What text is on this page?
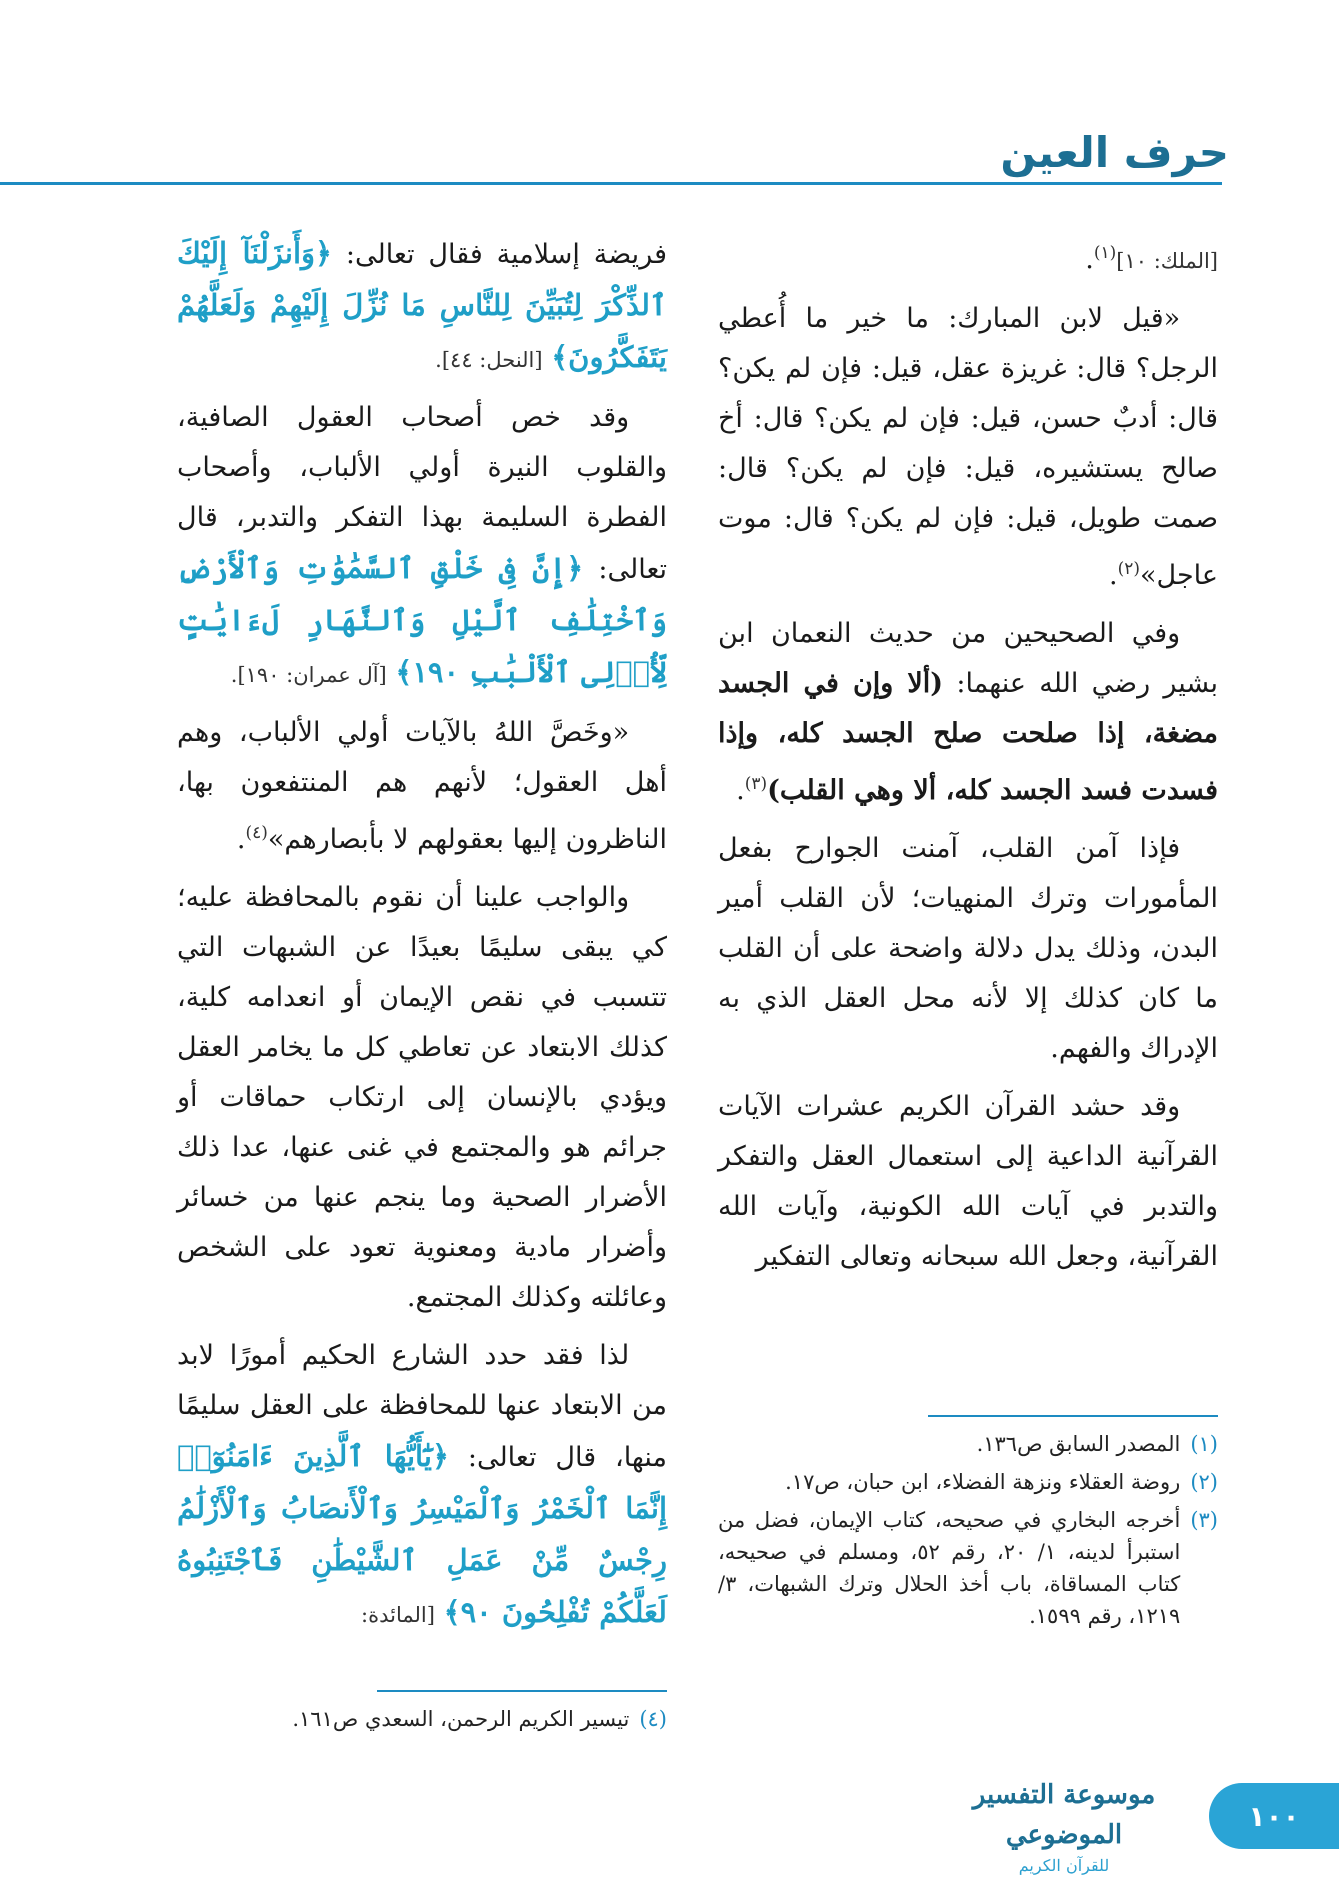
حرف العين

[الملك: ١٠]$^{(١)}$.

«قيل لابن المبارك: ما خير ما أُعطي الرجل؟ قال: غريزة عقل، قيل: فإن لم يكن؟ قال: أدبٌ حسن، قيل: فإن لم يكن؟ قال: أخ صالح يستشيره، قيل: فإن لم يكن؟ قال: صمت طويل، قيل: فإن لم يكن؟ قال: موت عاجل»$^{(٢)}$.

وفي الصحيحين من حديث النعمان ابن بشير رضي الله عنهما: (ألا وإن في الجسد مضغة، إذا صلحت صلح الجسد كله، وإذا فسدت فسد الجسد كله، ألا وهي القلب)$^{(٣)}$.

فإذا آمن القلب، آمنت الجوارح بفعل المأمورات وترك المنهيات؛ لأن القلب أمير البدن، وذلك يدل دلالة واضحة على أن القلب ما كان كذلك إلا لأنه محل العقل الذي به الإدراك والفهم.

وقد حشد القرآن الكريم عشرات الآيات القرآنية الداعية إلى استعمال العقل والتفكر والتدبر في آيات الله الكونية، وآيات الله القرآنية، وجعل الله سبحانه وتعالى التفكير

فريضة إسلامية فقال تعالى: ﴿وَأَنزَلْنَآ إِلَيْكَ ٱلذِّكْرَ لِتُبَيِّنَ لِلنَّاسِ مَا نُزِّلَ إِلَيْهِمْ وَلَعَلَّهُمْ يَتَفَكَّرُونَ﴾ [النحل: ٤٤].

وقد خص أصحاب العقول الصافية، والقلوب النيرة أولي الألباب، وأصحاب الفطرة السليمة بهذا التفكر والتدبر، قال تعالى: ﴿إِنَّ فِى خَلْقِ ٱلسَّمَٰوَٰتِ وَٱلْأَرْضِ وَٱخْتِلَٰفِ ٱلَّيْلِ وَٱلنَّهَارِ لَءَايَٰتٍ لِّأُو۟لِى ٱلْأَلْبَٰبِ ١٩٠﴾ [آل عمران: ١٩٠].

«وخَصَّ اللهُ بالآيات أولي الألباب، وهم أهل العقول؛ لأنهم هم المنتفعون بها، الناظرون إليها بعقولهم لا بأبصارهم»$^{(٤)}$.

والواجب علينا أن نقوم بالمحافظة عليه؛ كي يبقى سليمًا بعيدًا عن الشبهات التي تتسبب في نقص الإيمان أو انعدامه كلية، كذلك الابتعاد عن تعاطي كل ما يخامر العقل ويؤدي بالإنسان إلى ارتكاب حماقات أو جرائم هو والمجتمع في غنى عنها، عدا ذلك الأضرار الصحية وما ينجم عنها من خسائر وأضرار مادية ومعنوية تعود على الشخص وعائلته وكذلك المجتمع.

لذا فقد حدد الشارع الحكيم أمورًا لابد من الابتعاد عنها للمحافظة على العقل سليمًا منها، قال تعالى: ﴿يَٰٓأَيُّهَا ٱلَّذِينَ ءَامَنُوٓا۟ إِنَّمَا ٱلْخَمْرُ وَٱلْمَيْسِرُ وَٱلْأَنصَابُ وَٱلْأَزْلَٰمُ رِجْسٌ مِّنْ عَمَلِ ٱلشَّيْطَٰنِ فَٱجْتَنِبُوهُ لَعَلَّكُمْ تُفْلِحُونَ ٩٠﴾ [المائدة:

(١)
المصدر السابق ص١٣٦.
(٢)
روضة العقلاء ونزهة الفضلاء، ابن حبان، ص١٧.
(٣)
أخرجه البخاري في صحيحه، كتاب الإيمان، فضل من استبرأ لدينه، ١/ ٢٠، رقم ٥٢، ومسلم في صحيحه، كتاب المساقاة، باب أخذ الحلال وترك الشبهات، ٣/ ١٢١٩، رقم ١٥٩٩.
(٤)
تيسير الكريم الرحمن، السعدي ص١٦١.
موسوعة التفسير الموضوعي
للقرآن الكريم
١٠٠
